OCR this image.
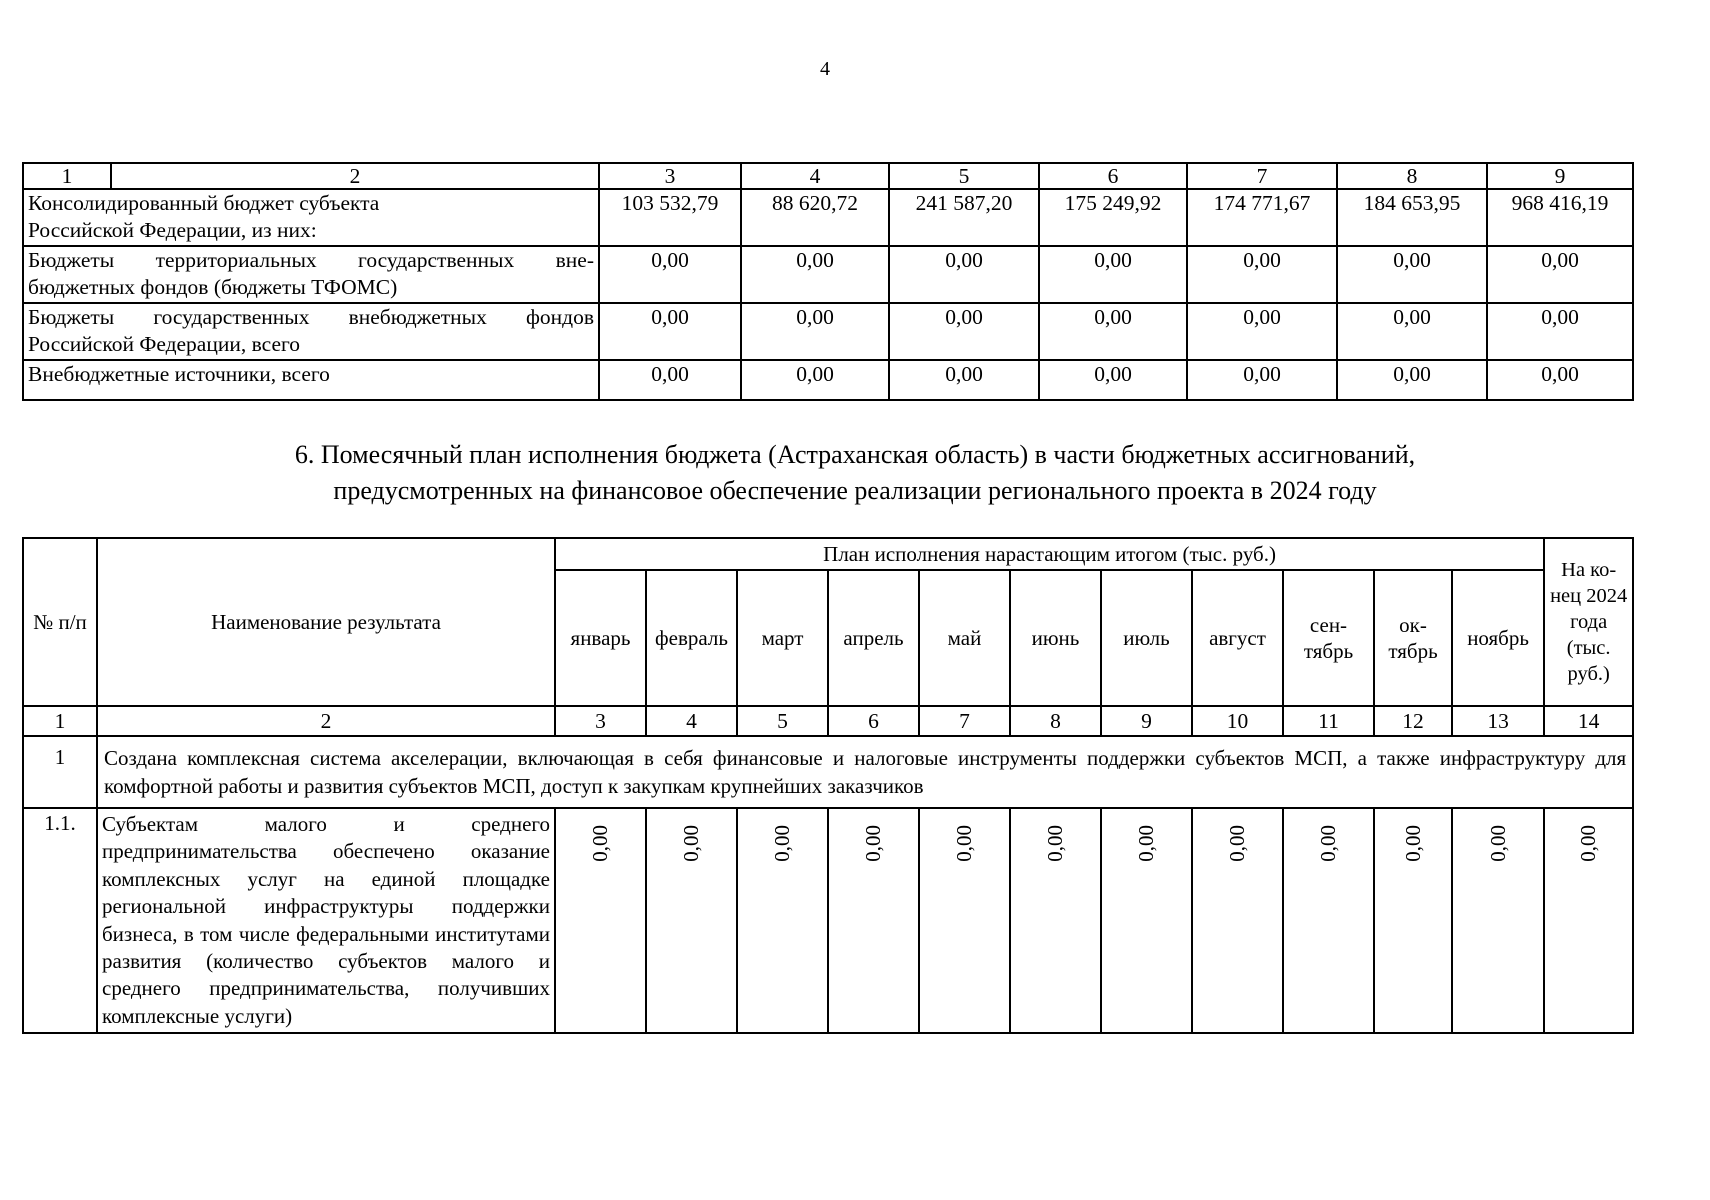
4
1	2	3	4	5	6	7	8	9

Консолидированный бюджет субъекта
Российской Федерации, из них:		103 532,79	88 620,72	241 587,20	175 249,92	174 771,67	184 653,95	968 416,19

Бюджеты территориальных государственных вне-
бюджетных фондов (бюджеты ТФОМС)		0,00	0,00	0,00	0,00	0,00	0,00	0,00

Бюджеты государственных внебюджетных фондов
Российской Федерации, всего		0,00	0,00	0,00	0,00	0,00	0,00	0,00

Внебюджетные источники, всего		0,00	0,00	0,00	0,00	0,00	0,00	0,00
6. Помесячный план исполнения бюджета (Астраханская область) в части бюджетных ассигнований,
предусмотренных на финансовое обеспечение реализации регионального проекта в 2024 году
№ п/п	Наименование результата	План исполнения нарастающим итогом (тыс. руб.)											На ко-нец 2024 года (тыс. руб.)
		январь	февраль	март	апрель	май	июнь	июль	август	сен-тябрь	ок-тябрь	ноябрь	
1	2	3	4	5	6	7	8	9	10	11	12	13	14
1	Создана комплексная система акселерации, включающая в себя финансовые и налоговые инструменты поддержки субъектов МСП, а также инфраструктуру для комфортной работы и развития субъектов МСП, доступ к закупкам крупнейших заказчиков												
1.1.	Субъектам малого и среднего предпринимательства обеспечено оказание комплексных услуг на единой площадке региональной инфраструктуры поддержки бизнеса, в том числе федеральными институтами развития (количество субъектов малого и среднего предпринимательства, получивших комплексные услуги)	0,00	0,00	0,00	0,00	0,00	0,00	0,00	0,00	0,00	0,00	0,00	0,00
